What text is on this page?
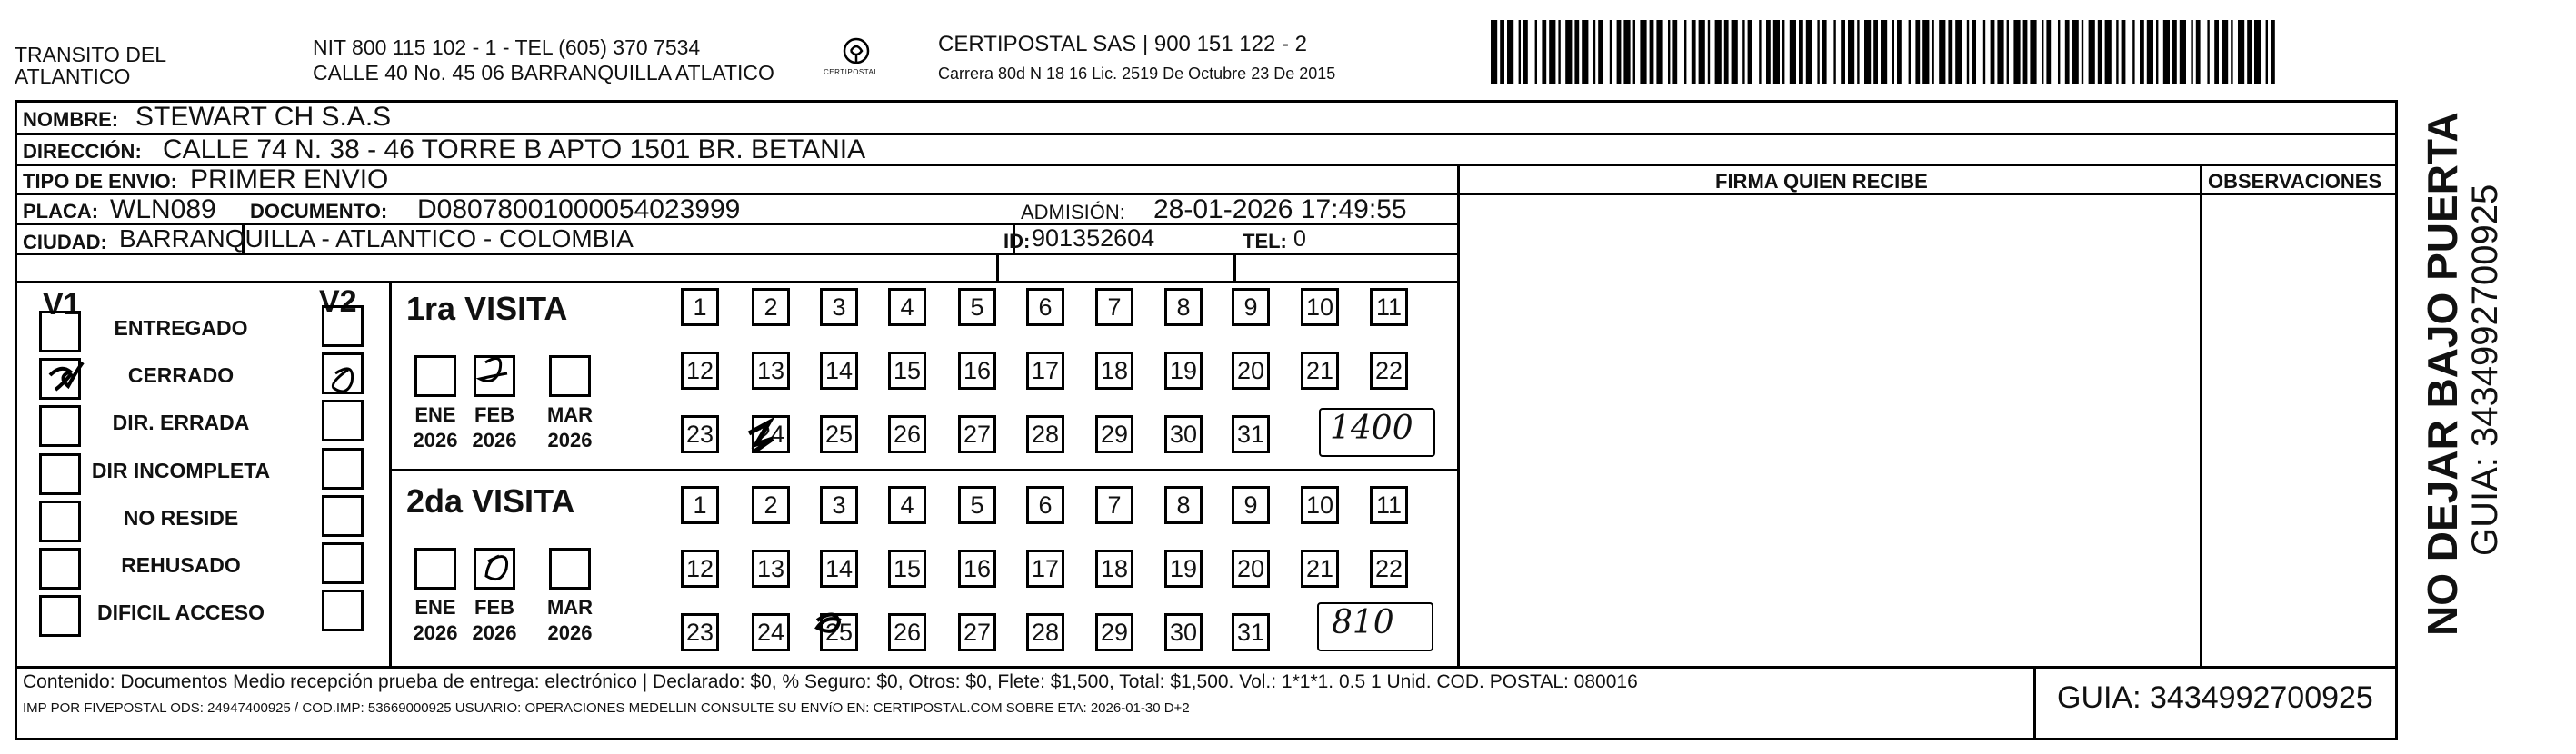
TRANSITO DEL
ATLANTICO
NIT 800 115 102 - 1 - TEL (605) 370 7534
CALLE 40 No. 45 06 BARRANQUILLA ATLATICO	CERTIPOSTAL
CERTIPOSTAL SAS | 900 151 122 - 2
Carrera 80d N 18 16 Lic. 2519 De Octubre 23 De 2015
NOMBRE: STEWART CH S.A.S
DIRECCIÓN: CALLE 74 N. 38 - 46 TORRE B APTO 1501 BR. BETANIA
TIPO DE ENVIO: PRIMER ENVIO	FIRMA QUIEN RECIBE	OBSERVACIONES
PLACA: WLN089 DOCUMENTO: D08078001000054023999	ADMISIÓN: 28-01-2026 17:49:55
CIUDAD: BARRANQUILLA - ATLANTICO - COLOMBIA	ID: 901352604	TEL: 0
V1	V2
ENTREGADO
CERRADO
DIR. ERRADA
DIR INCOMPLETA
NO RESIDE
REHUSADO
DIFICIL ACCESO
1ra VISITA
2da VISITA
1	2	3	4	5	6	7	8	9	10 11
12 13 14 15 16 17 18 19 20 21 22
23 24 25 26 27 28 29 30 31
ENE
2026
FEB
2026
MAR
2026
1	2	3	4	5	6	7	8	9	10 11
12 13 14 15 16 17 18 19 20 21 22
23 24 25 26 27 28 29 30 31
ENE
2026
FEB
2026
MAR
2026
1400
810
Contenido: Documentos Medio recepción prueba de entrega: electrónico | Declarado: $0, % Seguro: $0, Otros: $0, Flete: $1,500, Total: $1,500. Vol.: 1*1*1. 0.5 1 Unid. COD. POSTAL: 080016
IMP POR FIVEPOSTAL ODS: 24947400925 / COD.IMP: 53669000925 USUARIO: OPERACIONES MEDELLIN CONSULTE SU ENVíO EN: CERTIPOSTAL.COM SOBRE ETA: 2026-01-30 D+2	GUIA: 3434992700925
NO DEJAR BAJO PUERTA GUIA: 3434992700925
